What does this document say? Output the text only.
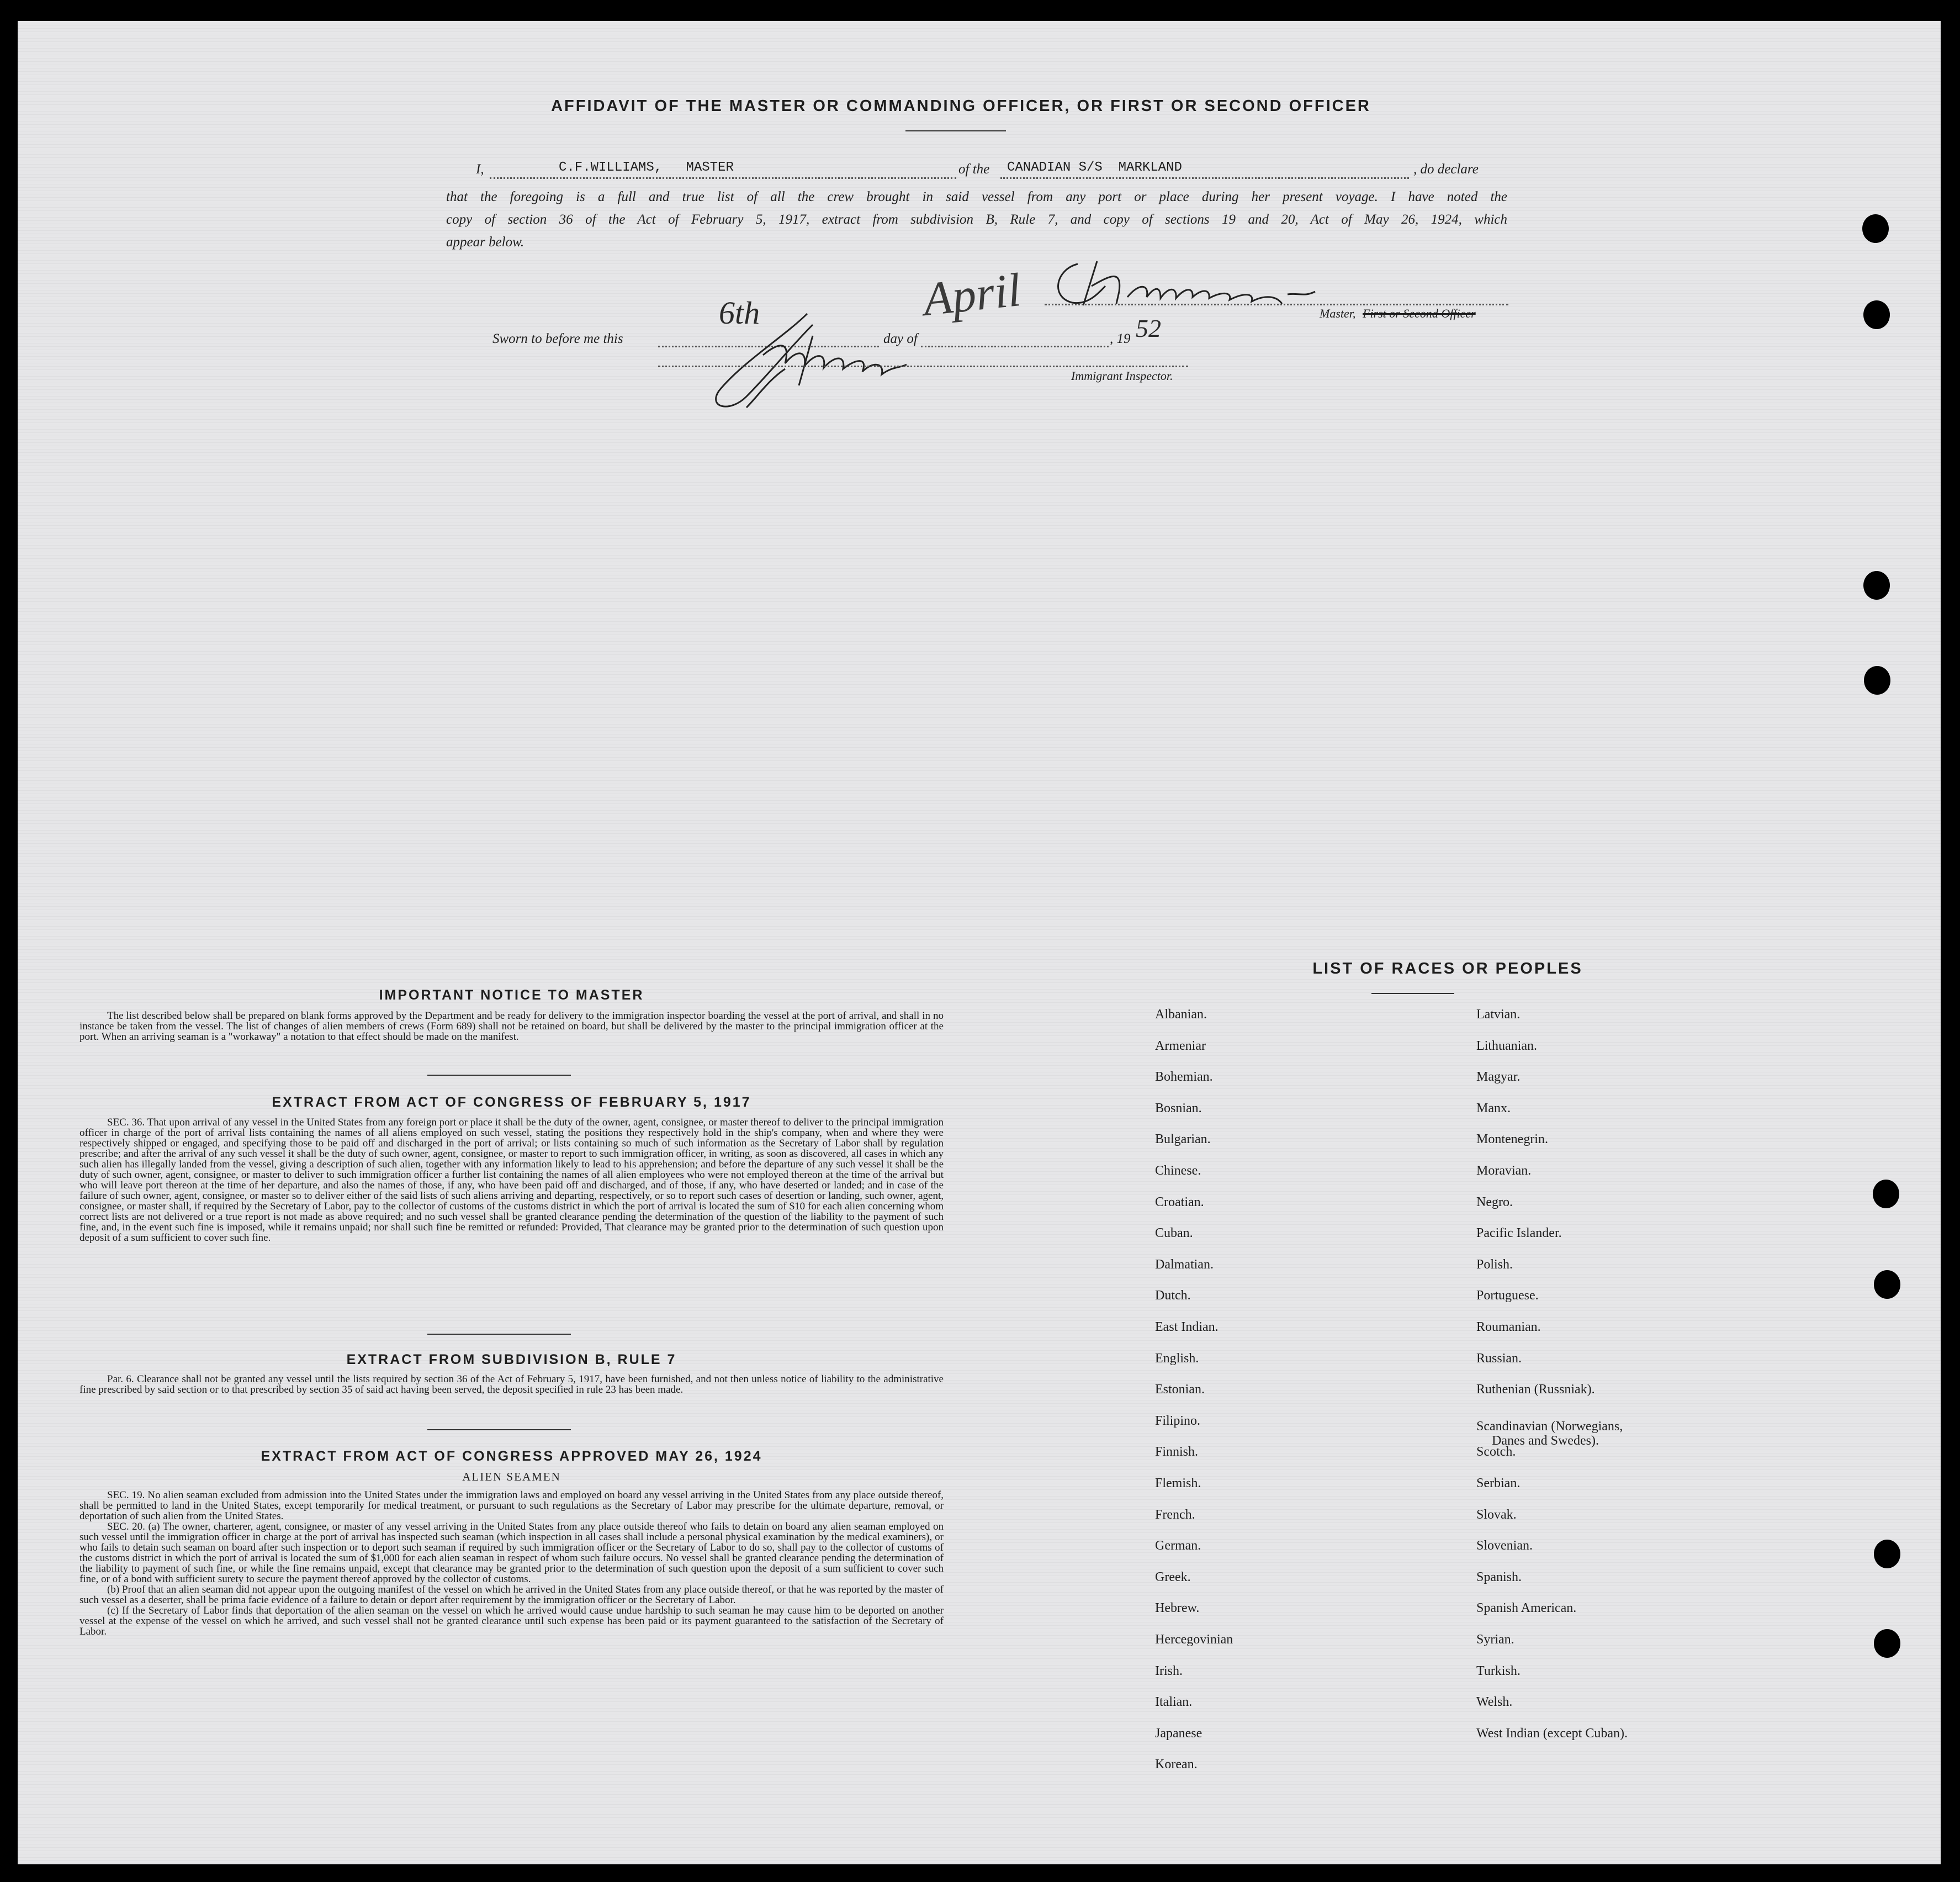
AFFIDAVIT OF THE MASTER OR COMMANDING OFFICER, OR FIRST OR SECOND OFFICER
I,	C.F.WILLIAMS,   MASTER	of the CANADIAN S/S  MARKLAND	, do declare
that the foregoing is a full and true list of all the crew brought in said vessel from any port or place during her present voyage. I have noted the
copy of section 36 of the Act of February 5, 1917, extract from subdivision B, Rule 7, and copy of sections 19 and 20, Act of May 26, 1924, which
appear below.
Master, First or Second Officer
Sworn to before me this
6th
day of
April
, 19 52
Immigrant Inspector.
IMPORTANT NOTICE TO MASTER

The list described below shall be prepared on blank forms approved by the Department and be ready for delivery to the immigration inspector boarding the vessel at the port of arrival, and shall in no instance be taken from the vessel. The list of changes of alien members of crews (Form 689) shall not be retained on board, but shall be delivered by the master to the principal immigration officer at the port. When an arriving seaman is a "workaway" a notation to that effect should be made on the manifest.

EXTRACT FROM ACT OF CONGRESS OF FEBRUARY 5, 1917

SEC. 36. That upon arrival of any vessel in the United States from any foreign port or place it shall be the duty of the owner, agent, consignee, or master thereof to deliver to the principal immigration officer in charge of the port of arrival lists containing the names of all aliens employed on such vessel, stating the positions they respectively hold in the ship's company, when and where they were respectively shipped or engaged, and specifying those to be paid off and discharged in the port of arrival; or lists containing so much of such information as the Secretary of Labor shall by regulation prescribe; and after the arrival of any such vessel it shall be the duty of such owner, agent, consignee, or master to report to such immigration officer, in writing, as soon as discovered, all cases in which any such alien has illegally landed from the vessel, giving a description of such alien, together with any information likely to lead to his apprehension; and before the departure of any such vessel it shall be the duty of such owner, agent, consignee, or master to deliver to such immigration officer a further list containing the names of all alien employees who were not employed thereon at the time of the arrival but who will leave port thereon at the time of her departure, and also the names of those, if any, who have been paid off and discharged, and of those, if any, who have deserted or landed; and in case of the failure of such owner, agent, consignee, or master so to deliver either of the said lists of such aliens arriving and departing, respectively, or so to report such cases of desertion or landing, such owner, agent, consignee, or master shall, if required by the Secretary of Labor, pay to the collector of customs of the customs district in which the port of arrival is located the sum of $10 for each alien concerning whom correct lists are not delivered or a true report is not made as above required; and no such vessel shall be granted clearance pending the determination of the question of the liability to the payment of such fine, and, in the event such fine is imposed, while it remains unpaid; nor shall such fine be remitted or refunded: Provided, That clearance may be granted prior to the determination of such question upon deposit of a sum sufficient to cover such fine.

EXTRACT FROM SUBDIVISION B, RULE 7

Par. 6. Clearance shall not be granted any vessel until the lists required by section 36 of the Act of February 5, 1917, have been furnished, and not then unless notice of liability to the administrative fine prescribed by said section or to that prescribed by section 35 of said act having been served, the deposit specified in rule 23 has been made.

EXTRACT FROM ACT OF CONGRESS APPROVED MAY 26, 1924
ALIEN SEAMEN

SEC. 19. No alien seaman excluded from admission into the United States under the immigration laws and employed on board any vessel arriving in the United States from any place outside thereof, shall be permitted to land in the United States, except temporarily for medical treatment, or pursuant to such regulations as the Secretary of Labor may prescribe for the ultimate departure, removal, or deportation of such alien from the United States.

SEC. 20. (a) The owner, charterer, agent, consignee, or master of any vessel arriving in the United States from any place outside thereof who fails to detain on board any alien seaman employed on such vessel until the immigration officer in charge at the port of arrival has inspected such seaman (which inspection in all cases shall include a personal physical examination by the medical examiners), or who fails to detain such seaman on board after such inspection or to deport such seaman if required by such immigration officer or the Secretary of Labor to do so, shall pay to the collector of customs of the customs district in which the port of arrival is located the sum of $1,000 for each alien seaman in respect of whom such failure occurs. No vessel shall be granted clearance pending the determination of the liability to payment of such fine, or while the fine remains unpaid, except that clearance may be granted prior to the determination of such question upon the deposit of a sum sufficient to cover such fine, or of a bond with sufficient surety to secure the payment thereof approved by the collector of customs.

(b) Proof that an alien seaman did not appear upon the outgoing manifest of the vessel on which he arrived in the United States from any place outside thereof, or that he was reported by the master of such vessel as a deserter, shall be prima facie evidence of a failure to detain or deport after requirement by the immigration officer or the Secretary of Labor.

(c) If the Secretary of Labor finds that deportation of the alien seaman on the vessel on which he arrived would cause undue hardship to such seaman he may cause him to be deported on another vessel at the expense of the vessel on which he arrived, and such vessel shall not be granted clearance until such expense has been paid or its payment guaranteed to the satisfaction of the Secretary of Labor.

LIST OF RACES OR PEOPLES
Albanian.
Armeniar
Bohemian.
Bosnian.
Bulgarian.
Chinese.
Croatian.
Cuban.
Dalmatian.
Dutch.
East Indian.
English.
Estonian.
Filipino.
Finnish.
Flemish.
French.
German.
Greek.
Hebrew.
Hercegovinian
Irish.
Italian.
Japanese
Korean.
Latvian.
Lithuanian.
Magyar.
Manx.
Montenegrin.
Moravian.
Negro.
Pacific Islander.
Polish.
Portuguese.
Roumanian.
Russian.
Ruthenian (Russniak).
Scandinavian (Norwegians,
Danes and Swedes).
Scotch.
Serbian.
Slovak.
Slovenian.
Spanish.
Spanish American.
Syrian.
Turkish.
Welsh.
West Indian (except Cuban).
